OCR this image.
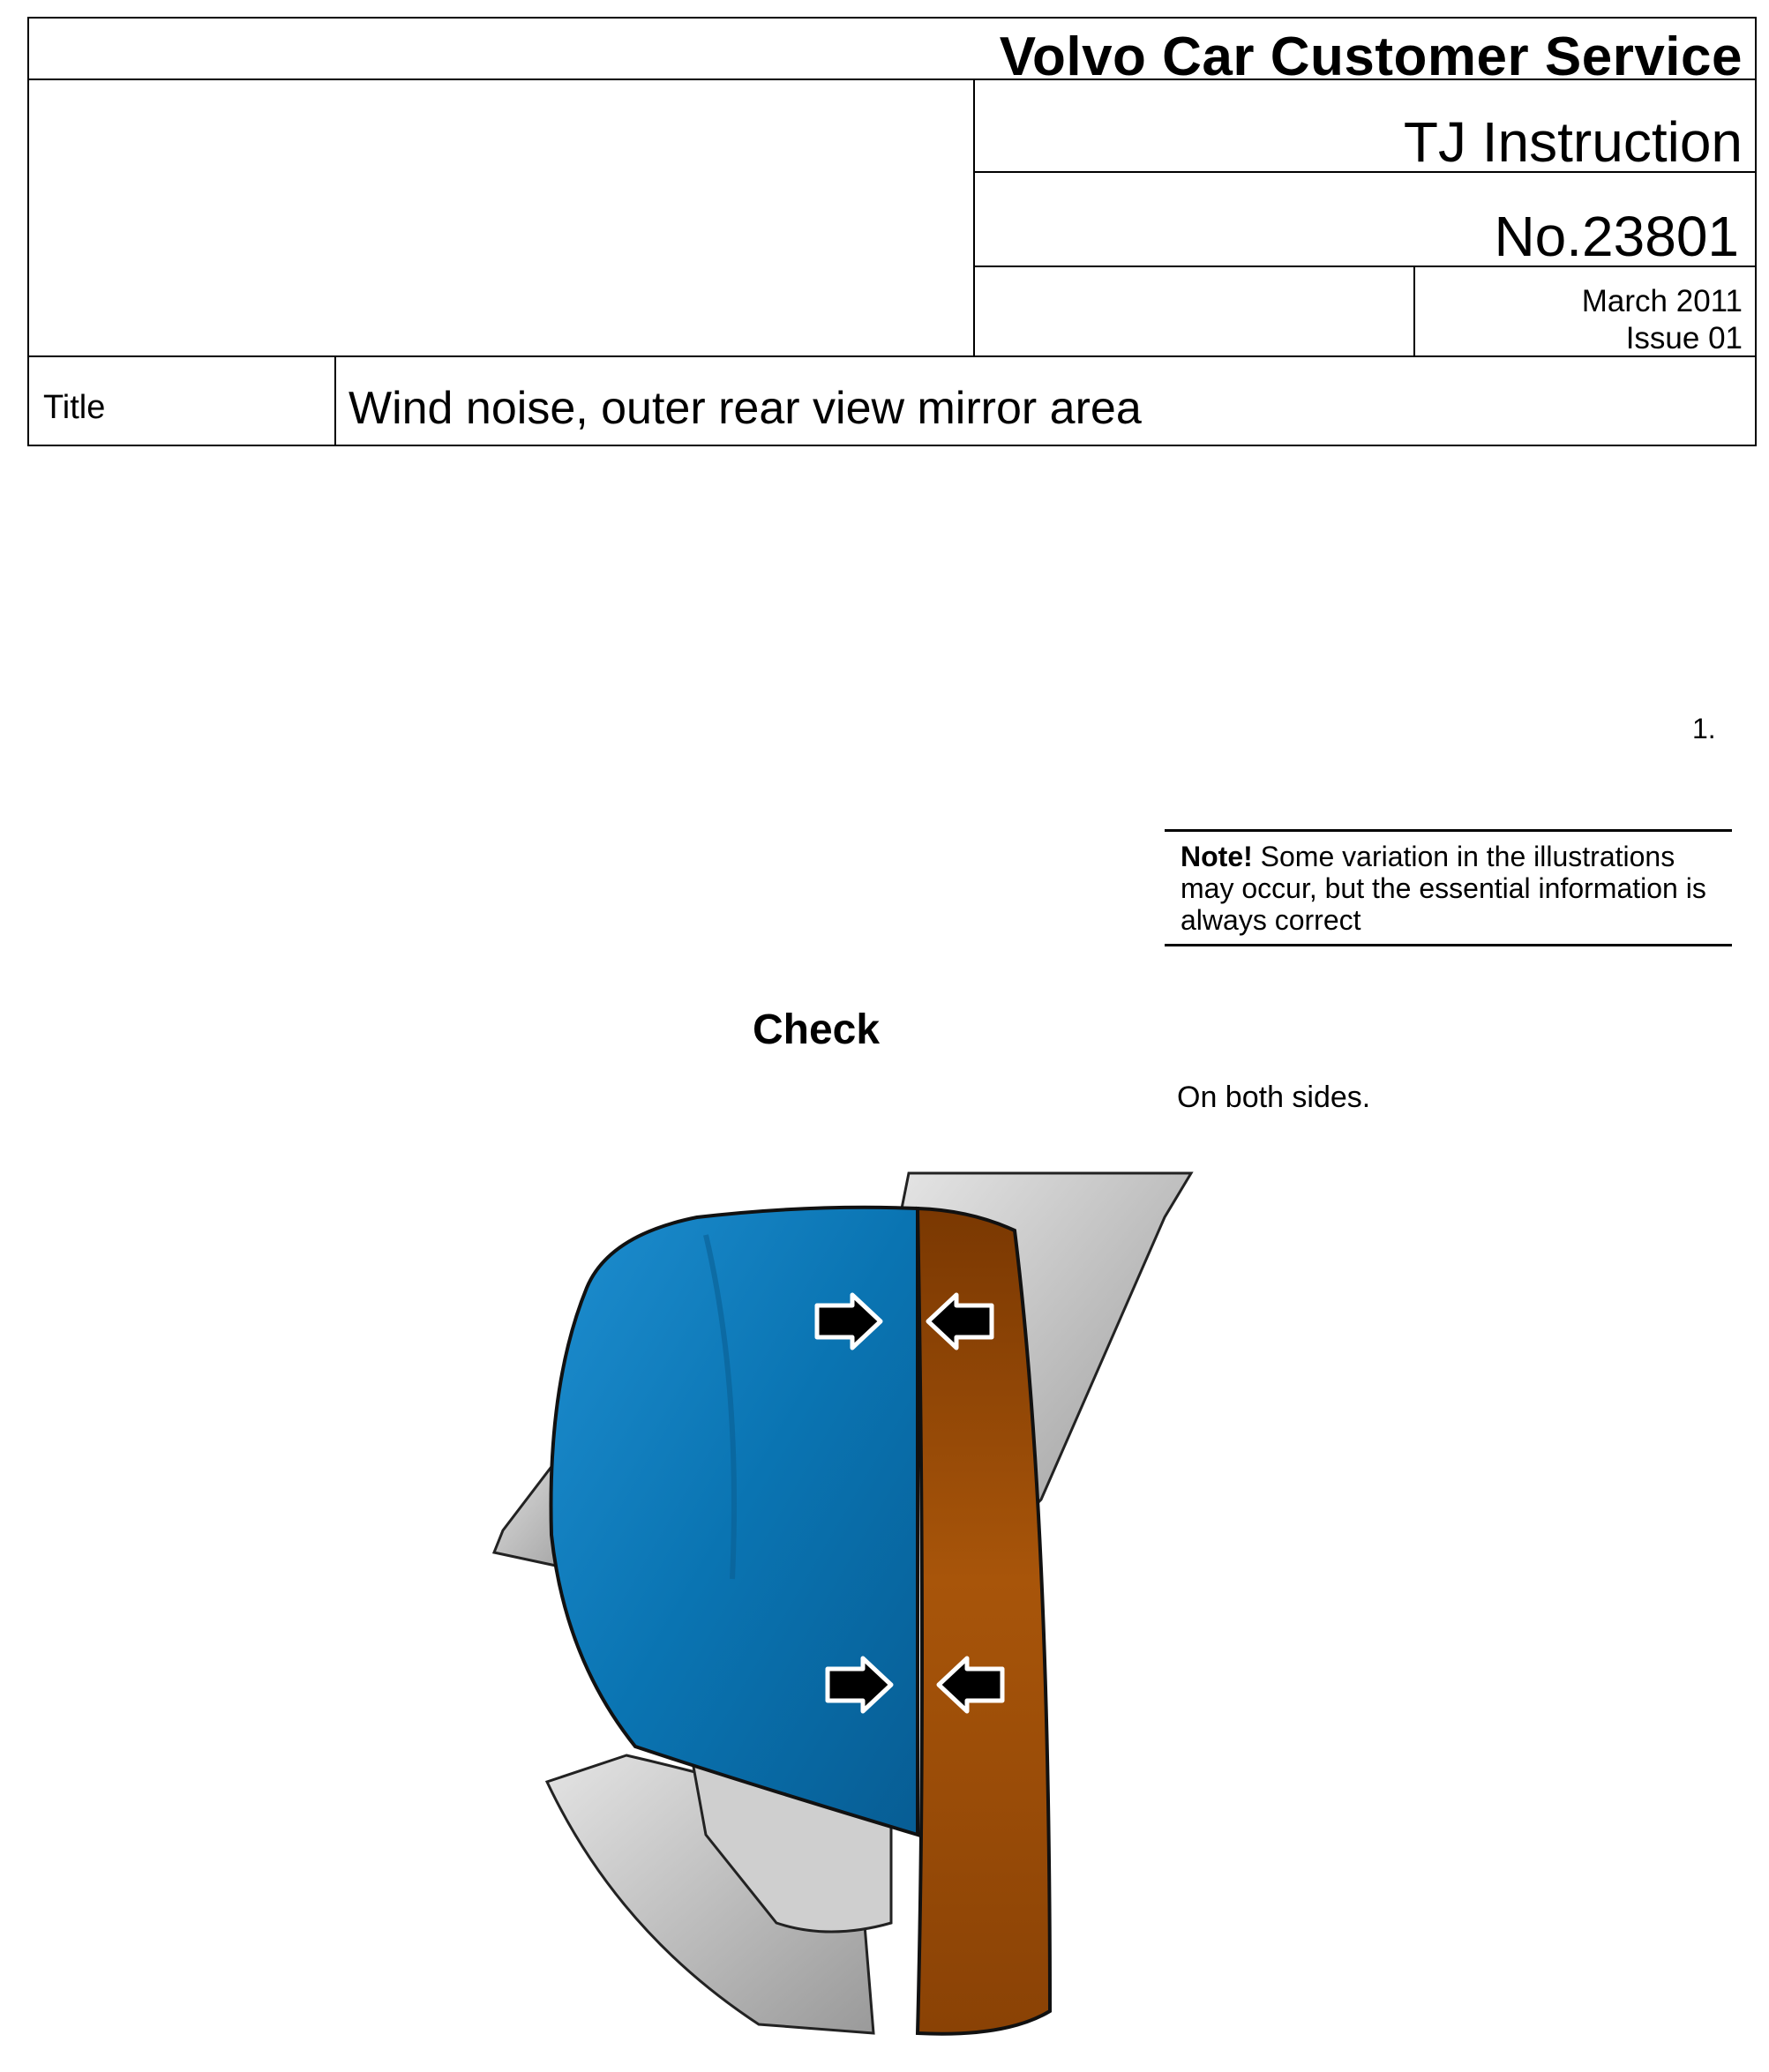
Volvo Car Customer Service
TJ Instruction
No.23801
March 2011
Issue 01
Title	Wind noise, outer rear view mirror area
1.
Note! Some variation in the illustrations may occur, but the essential information is always correct
Check
On both sides.
